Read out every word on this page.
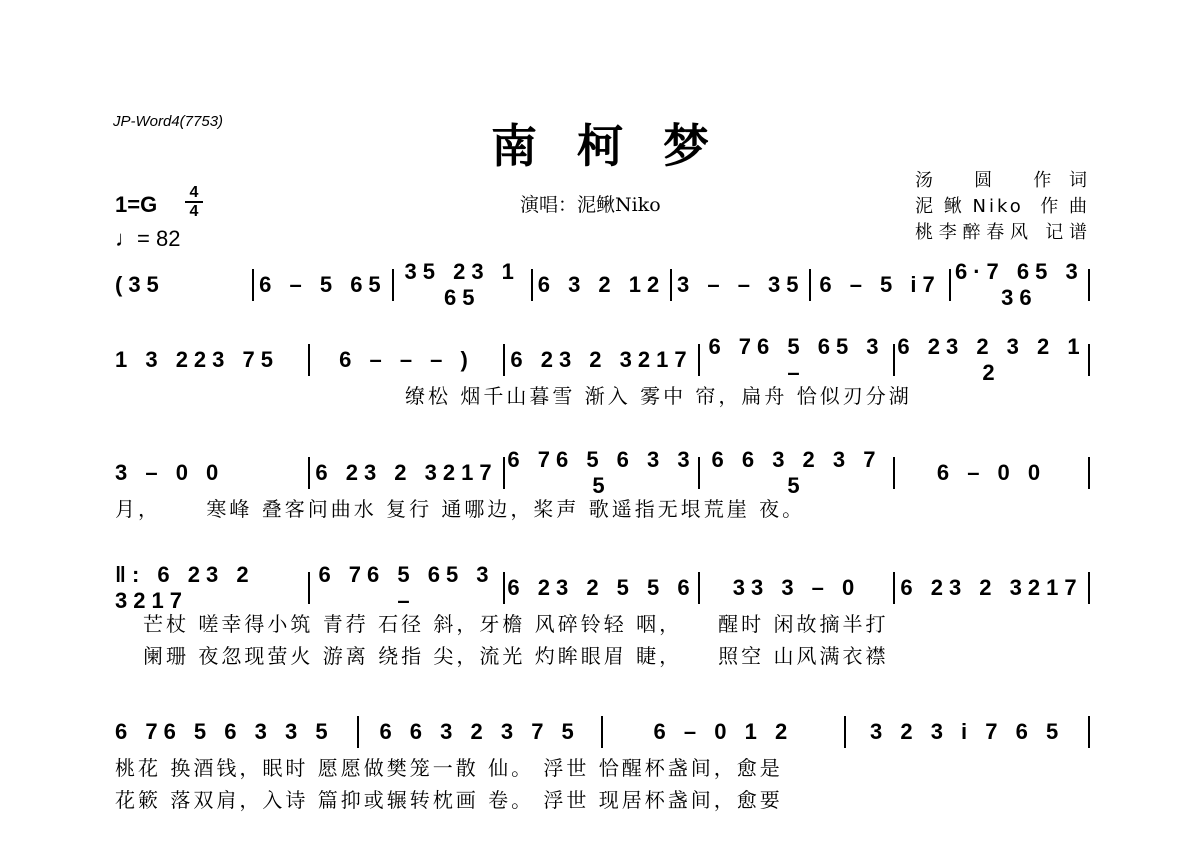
JP-Word4(7753)	南柯梦
1=G	4
4
♩= 82
演唱：泥鳅Niko
汤 圆 作词
泥鳅Niko 作曲
桃李醉春风 记谱
(35	6 – 5 65
35 23 1 65
6 3 2 12 3 – – 35 6 – 5 i7
6·7 65 3 36
1 3 223 75	6 – – – )	6 23 2 3217
6 76 5 65 3 –
6 23 2 3 2 1 2
缭松 烟千山暮雪 渐入 雾中 帘，扁舟 恰似刃分湖
3 – 0 0	6 23 2 3217
6 76 5 6 3 3 5
6 6 3 2 3 7 5
6 – 0 0
月，　　 寒峰 叠客问曲水 复行 通哪边，桨声 歌遥指无垠荒崖 夜。
‖: 6 23 2 3217
6 76 5 65 3 –
6 23 2 5 5 6	33 3 – 0	6 23 2 3217
芒杖 嗟幸得小筑 青荇 石径 斜，牙檐 风碎铃轻 咽，　　醒时 闲故摘半打
阑珊 夜忽现萤火 游离 绕指 尖，流光 灼眸眼眉 睫，　　照空 山风满衣襟
6 76 5 6 3 3 5	6 6 3 2 3 7 5	6 – 0 1 2	3 2 3 i 7 6 5
桃花 换酒钱，眠时 愿愿做樊笼一散 仙。 浮世 恰醒杯盏间，愈是
花簌 落双肩，入诗 篇抑或辗转枕画 卷。 浮世 现居杯盏间，愈要
